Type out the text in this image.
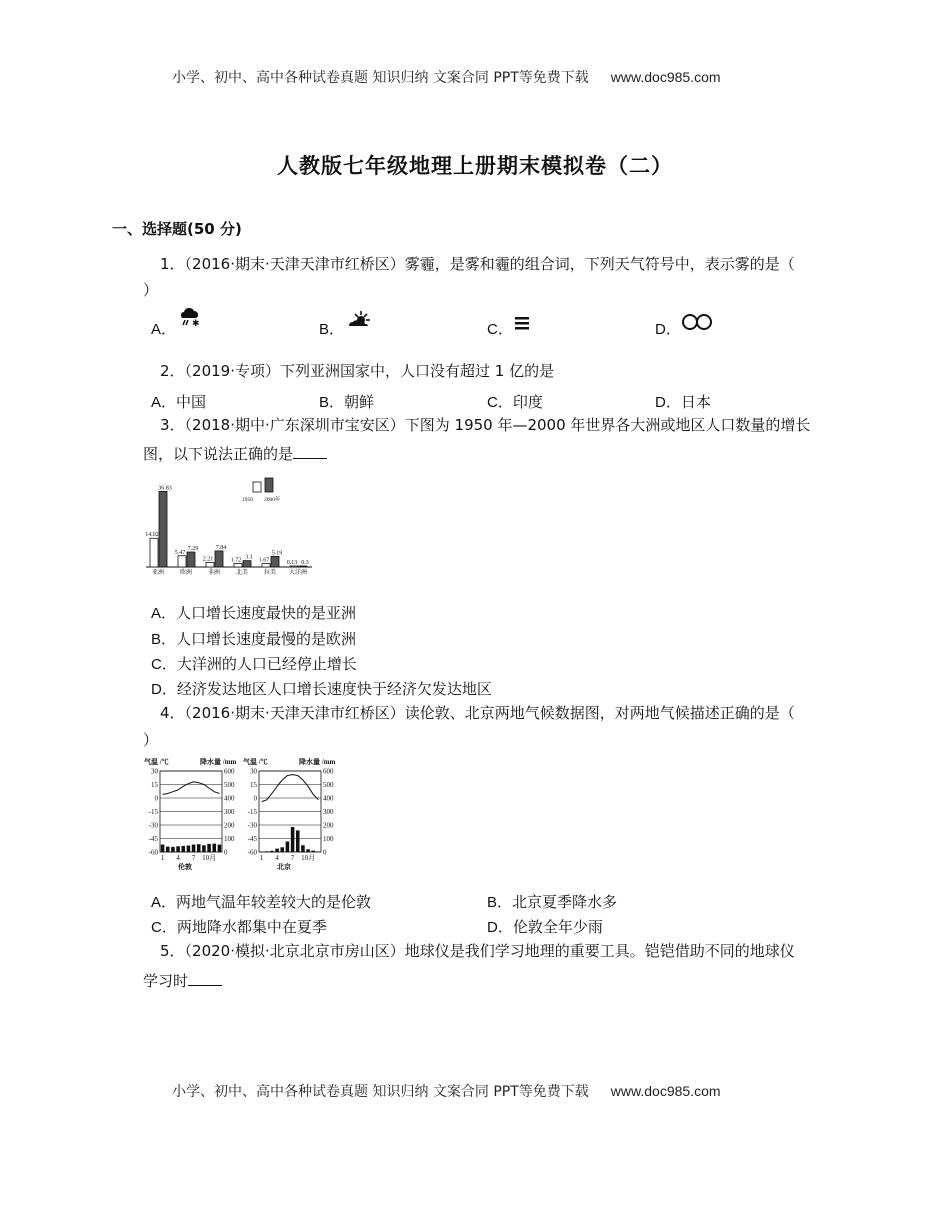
小学、初中、高中各种试卷真题 知识归纳 文案合同 PPT等免费下载 www.doc985.com
人教版七年级地理上册期末模拟卷（二）
一、选择题(50 分)
1．（2016·期末·天津天津市红桥区）雾霾，是雾和霾的组合词，下列天气符号中，表示雾的是（
）
A． ✱	B．	C．	D．
2．（2019·专项）下列亚洲国家中，人口没有超过 1 亿的是
A．中国	B．朝鲜	C．印度	D．日本
3．（2018·期中·广东深圳市宝安区）下图为 1950 年—2000 年世界各大洲或地区人口数量的增长
图，以下说法正确的是
14.02
36.83
亚洲
5.47
7.29
欧洲
2.21
7.84
非洲
1.72 3.1
北美
1.67
5.19
拉美
0.13 0.3
大洋洲
1950 2000年
A．人口增长速度最快的是亚洲
B．人口增长速度最慢的是欧洲
C．大洋洲的人口已经停止增长
D．经济发达地区人口增长速度快于经济欠发达地区
4．（2016·期末·天津天津市红桥区）读伦敦、北京两地气候数据图，对两地气候描述正确的是（
）
气温 /℃	降水量 /mm
30
15
0
-15
-30
-45
-60
600
500
400
300
200
100
0
1 4 7 10月
伦敦
气温 /℃	降水量 /mm
30
15
0
-15
-30
-45
-60
600
500
400
300
200
100
0
1 4 7 10月
北京
A．两地气温年较差较大的是伦敦	B．北京夏季降水多
C．两地降水都集中在夏季	D．伦敦全年少雨
5．（2020·模拟·北京北京市房山区）地球仪是我们学习地理的重要工具。铠铠借助不同的地球仪
学习时
小学、初中、高中各种试卷真题 知识归纳 文案合同 PPT等免费下载 www.doc985.com
